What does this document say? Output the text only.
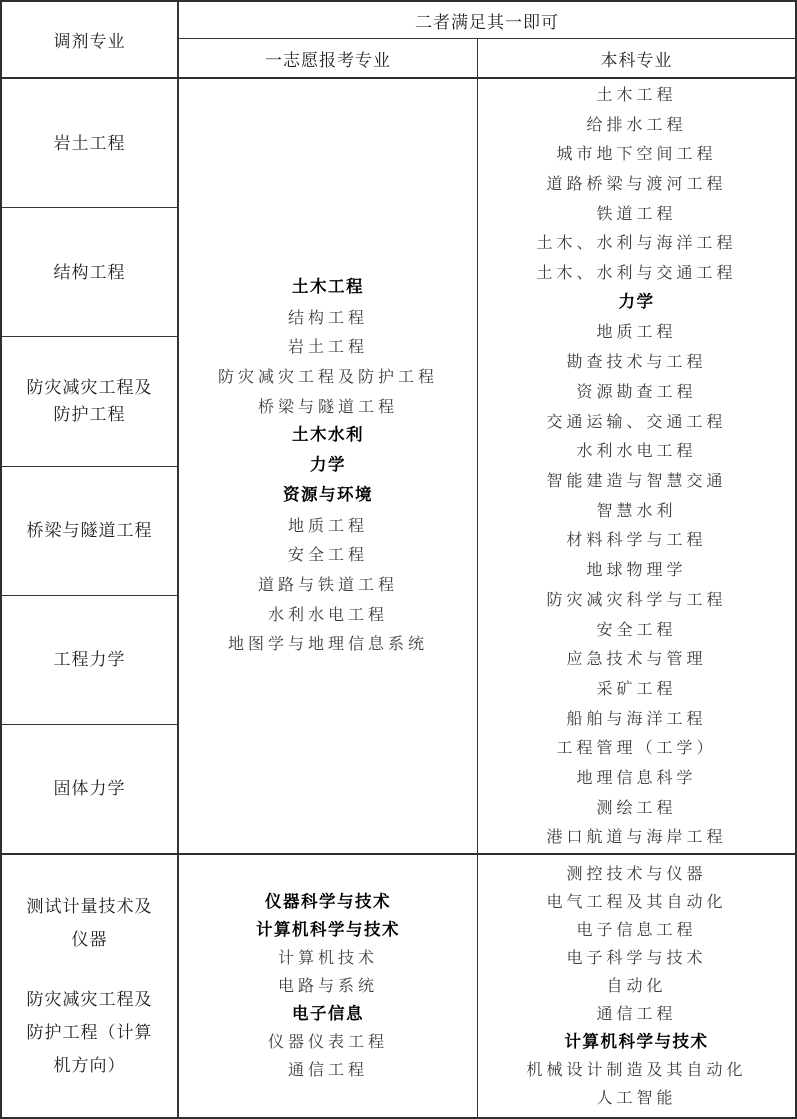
调剂专业
二者满足其一即可
一志愿报考专业	本科专业
岩土工程
结构工程
防灾减灾工程及防护工程
桥梁与隧道工程
工程力学
固体力学
土木工程
结构工程
岩土工程
防灾减灾工程及防护工程
桥梁与隧道工程
土木水利
力学
资源与环境
地质工程
安全工程
道路与铁道工程
水利水电工程
地图学与地理信息系统
土木工程
给排水工程
城市地下空间工程
道路桥梁与渡河工程
铁道工程
土木、水利与海洋工程
土木、水利与交通工程
力学
地质工程
勘查技术与工程
资源勘查工程
交通运输、交通工程
水利水电工程
智能建造与智慧交通
智慧水利
材料科学与工程
地球物理学
防灾减灾科学与工程
安全工程
应急技术与管理
采矿工程
船舶与海洋工程
工程管理（工学）
地理信息科学
测绘工程
港口航道与海岸工程

测试计量技术及仪器

防灾减灾工程及防护工程（计算机方向）

仪器科学与技术
计算机科学与技术
计算机技术
电路与系统
电子信息
仪器仪表工程
通信工程
测控技术与仪器
电气工程及其自动化
电子信息工程
电子科学与技术
自动化
通信工程
计算机科学与技术
机械设计制造及其自动化
人工智能
